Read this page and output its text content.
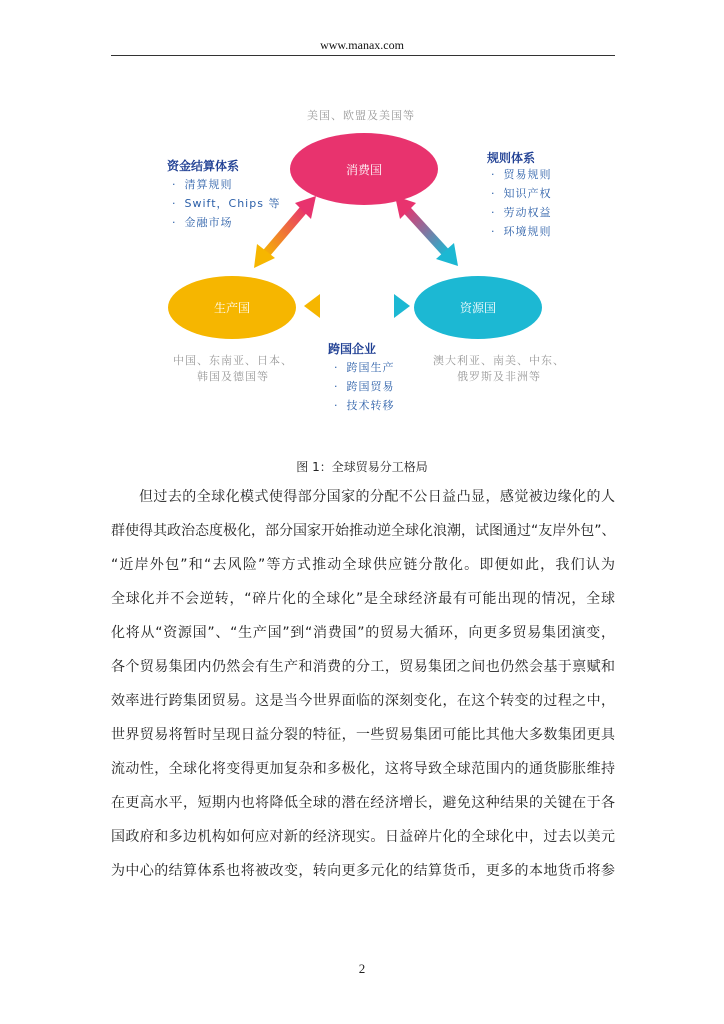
www.manax.com
美国、欧盟及美国等
消费国
生产国	资源国
资金结算体系
· 清算规则
· Swift，Chips 等
· 金融市场
规则体系
· 贸易规则
· 知识产权
· 劳动权益
· 环境规则
中国、东南亚、日本、
韩国及德国等
跨国企业
· 跨国生产
· 跨国贸易
· 技术转移
澳大利亚、南美、中东、
俄罗斯及非洲等
图 1：全球贸易分工格局
但过去的全球化模式使得部分国家的分配不公日益凸显，感觉被边缘化的人
群使得其政治态度极化，部分国家开始推动逆全球化浪潮，试图通过“友岸外包”、
“近岸外包”和“去风险”等方式推动全球供应链分散化。即便如此，我们认为
全球化并不会逆转，“碎片化的全球化”是全球经济最有可能出现的情况，全球
化将从“资源国”、“生产国”到“消费国”的贸易大循环，向更多贸易集团演变，
各个贸易集团内仍然会有生产和消费的分工，贸易集团之间也仍然会基于禀赋和
效率进行跨集团贸易。这是当今世界面临的深刻变化，在这个转变的过程之中，
世界贸易将暂时呈现日益分裂的特征，一些贸易集团可能比其他大多数集团更具
流动性，全球化将变得更加复杂和多极化，这将导致全球范围内的通货膨胀维持
在更高水平，短期内也将降低全球的潜在经济增长，避免这种结果的关键在于各
国政府和多边机构如何应对新的经济现实。日益碎片化的全球化中，过去以美元
为中心的结算体系也将被改变，转向更多元化的结算货币，更多的本地货币将参
2
